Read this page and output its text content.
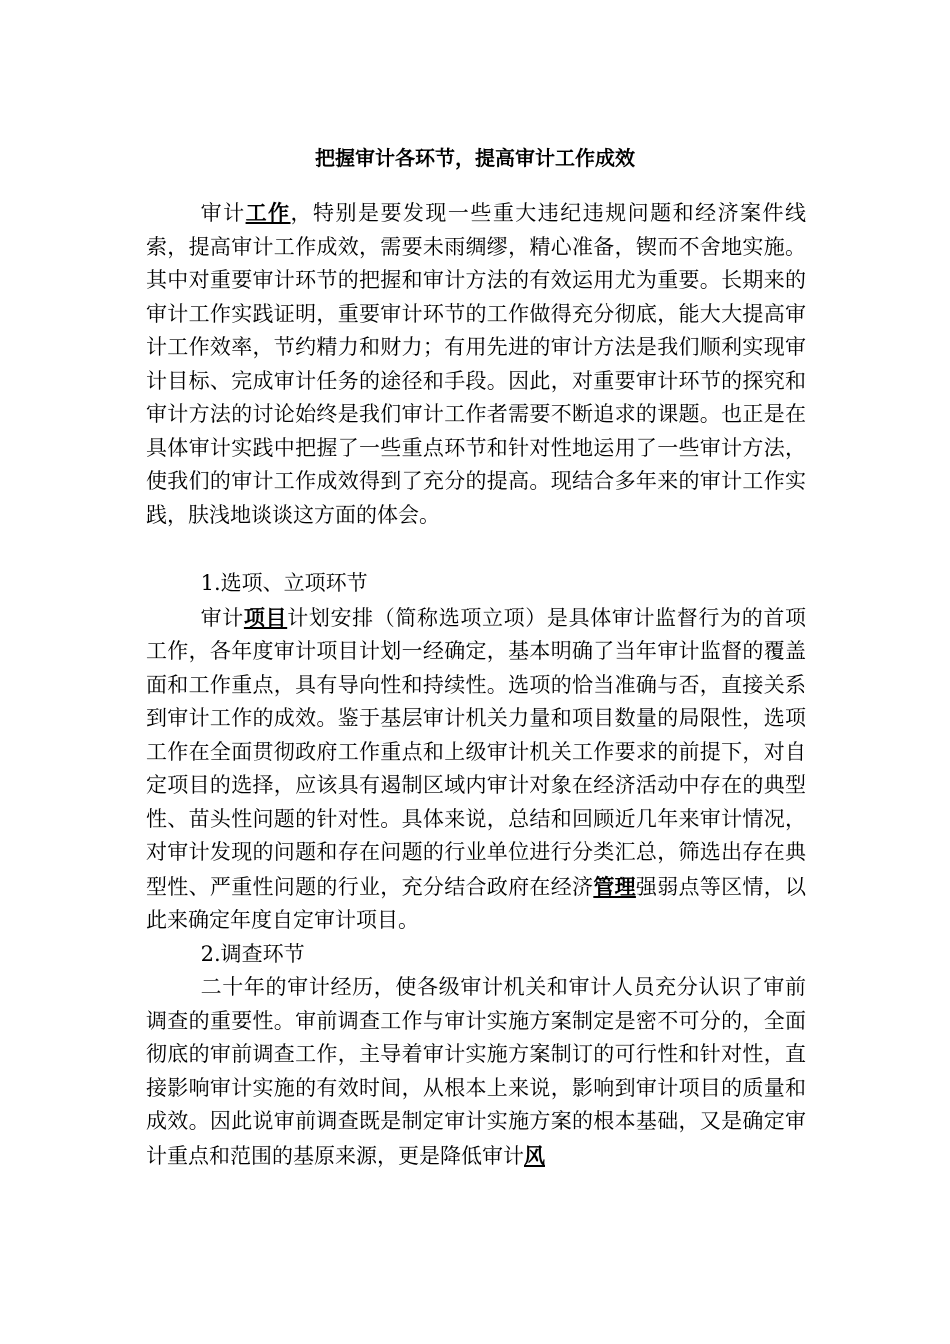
把握审计各环节，提高审计工作成效

审计工作，特别是要发现一些重大违纪违规问题和经济案件线索，提高审计工作成效，需要未雨绸缪，精心准备，锲而不舍地实施。其中对重要审计环节的把握和审计方法的有效运用尤为重要。长期来的审计工作实践证明，重要审计环节的工作做得充分彻底，能大大提高审计工作效率，节约精力和财力；有用先进的审计方法是我们顺利实现审计目标、完成审计任务的途径和手段。因此，对重要审计环节的探究和审计方法的讨论始终是我们审计工作者需要不断追求的课题。也正是在具体审计实践中把握了一些重点环节和针对性地运用了一些审计方法，使我们的审计工作成效得到了充分的提高。现结合多年来的审计工作实践，肤浅地谈谈这方面的体会。

1.选项、立项环节

审计项目计划安排（简称选项立项）是具体审计监督行为的首项工作，各年度审计项目计划一经确定，基本明确了当年审计监督的覆盖面和工作重点，具有导向性和持续性。选项的恰当准确与否，直接关系到审计工作的成效。鉴于基层审计机关力量和项目数量的局限性，选项工作在全面贯彻政府工作重点和上级审计机关工作要求的前提下，对自定项目的选择，应该具有遏制区域内审计对象在经济活动中存在的典型性、苗头性问题的针对性。具体来说，总结和回顾近几年来审计情况，对审计发现的问题和存在问题的行业单位进行分类汇总，筛选出存在典型性、严重性问题的行业，充分结合政府在经济管理强弱点等区情，以此来确定年度自定审计项目。

2.调查环节

二十年的审计经历，使各级审计机关和审计人员充分认识了审前调查的重要性。审前调查工作与审计实施方案制定是密不可分的，全面彻底的审前调查工作，主导着审计实施方案制订的可行性和针对性，直接影响审计实施的有效时间，从根本上来说，影响到审计项目的质量和成效。因此说审前调查既是制定审计实施方案的根本基础，又是确定审计重点和范围的基原来源，更是降低审计风
